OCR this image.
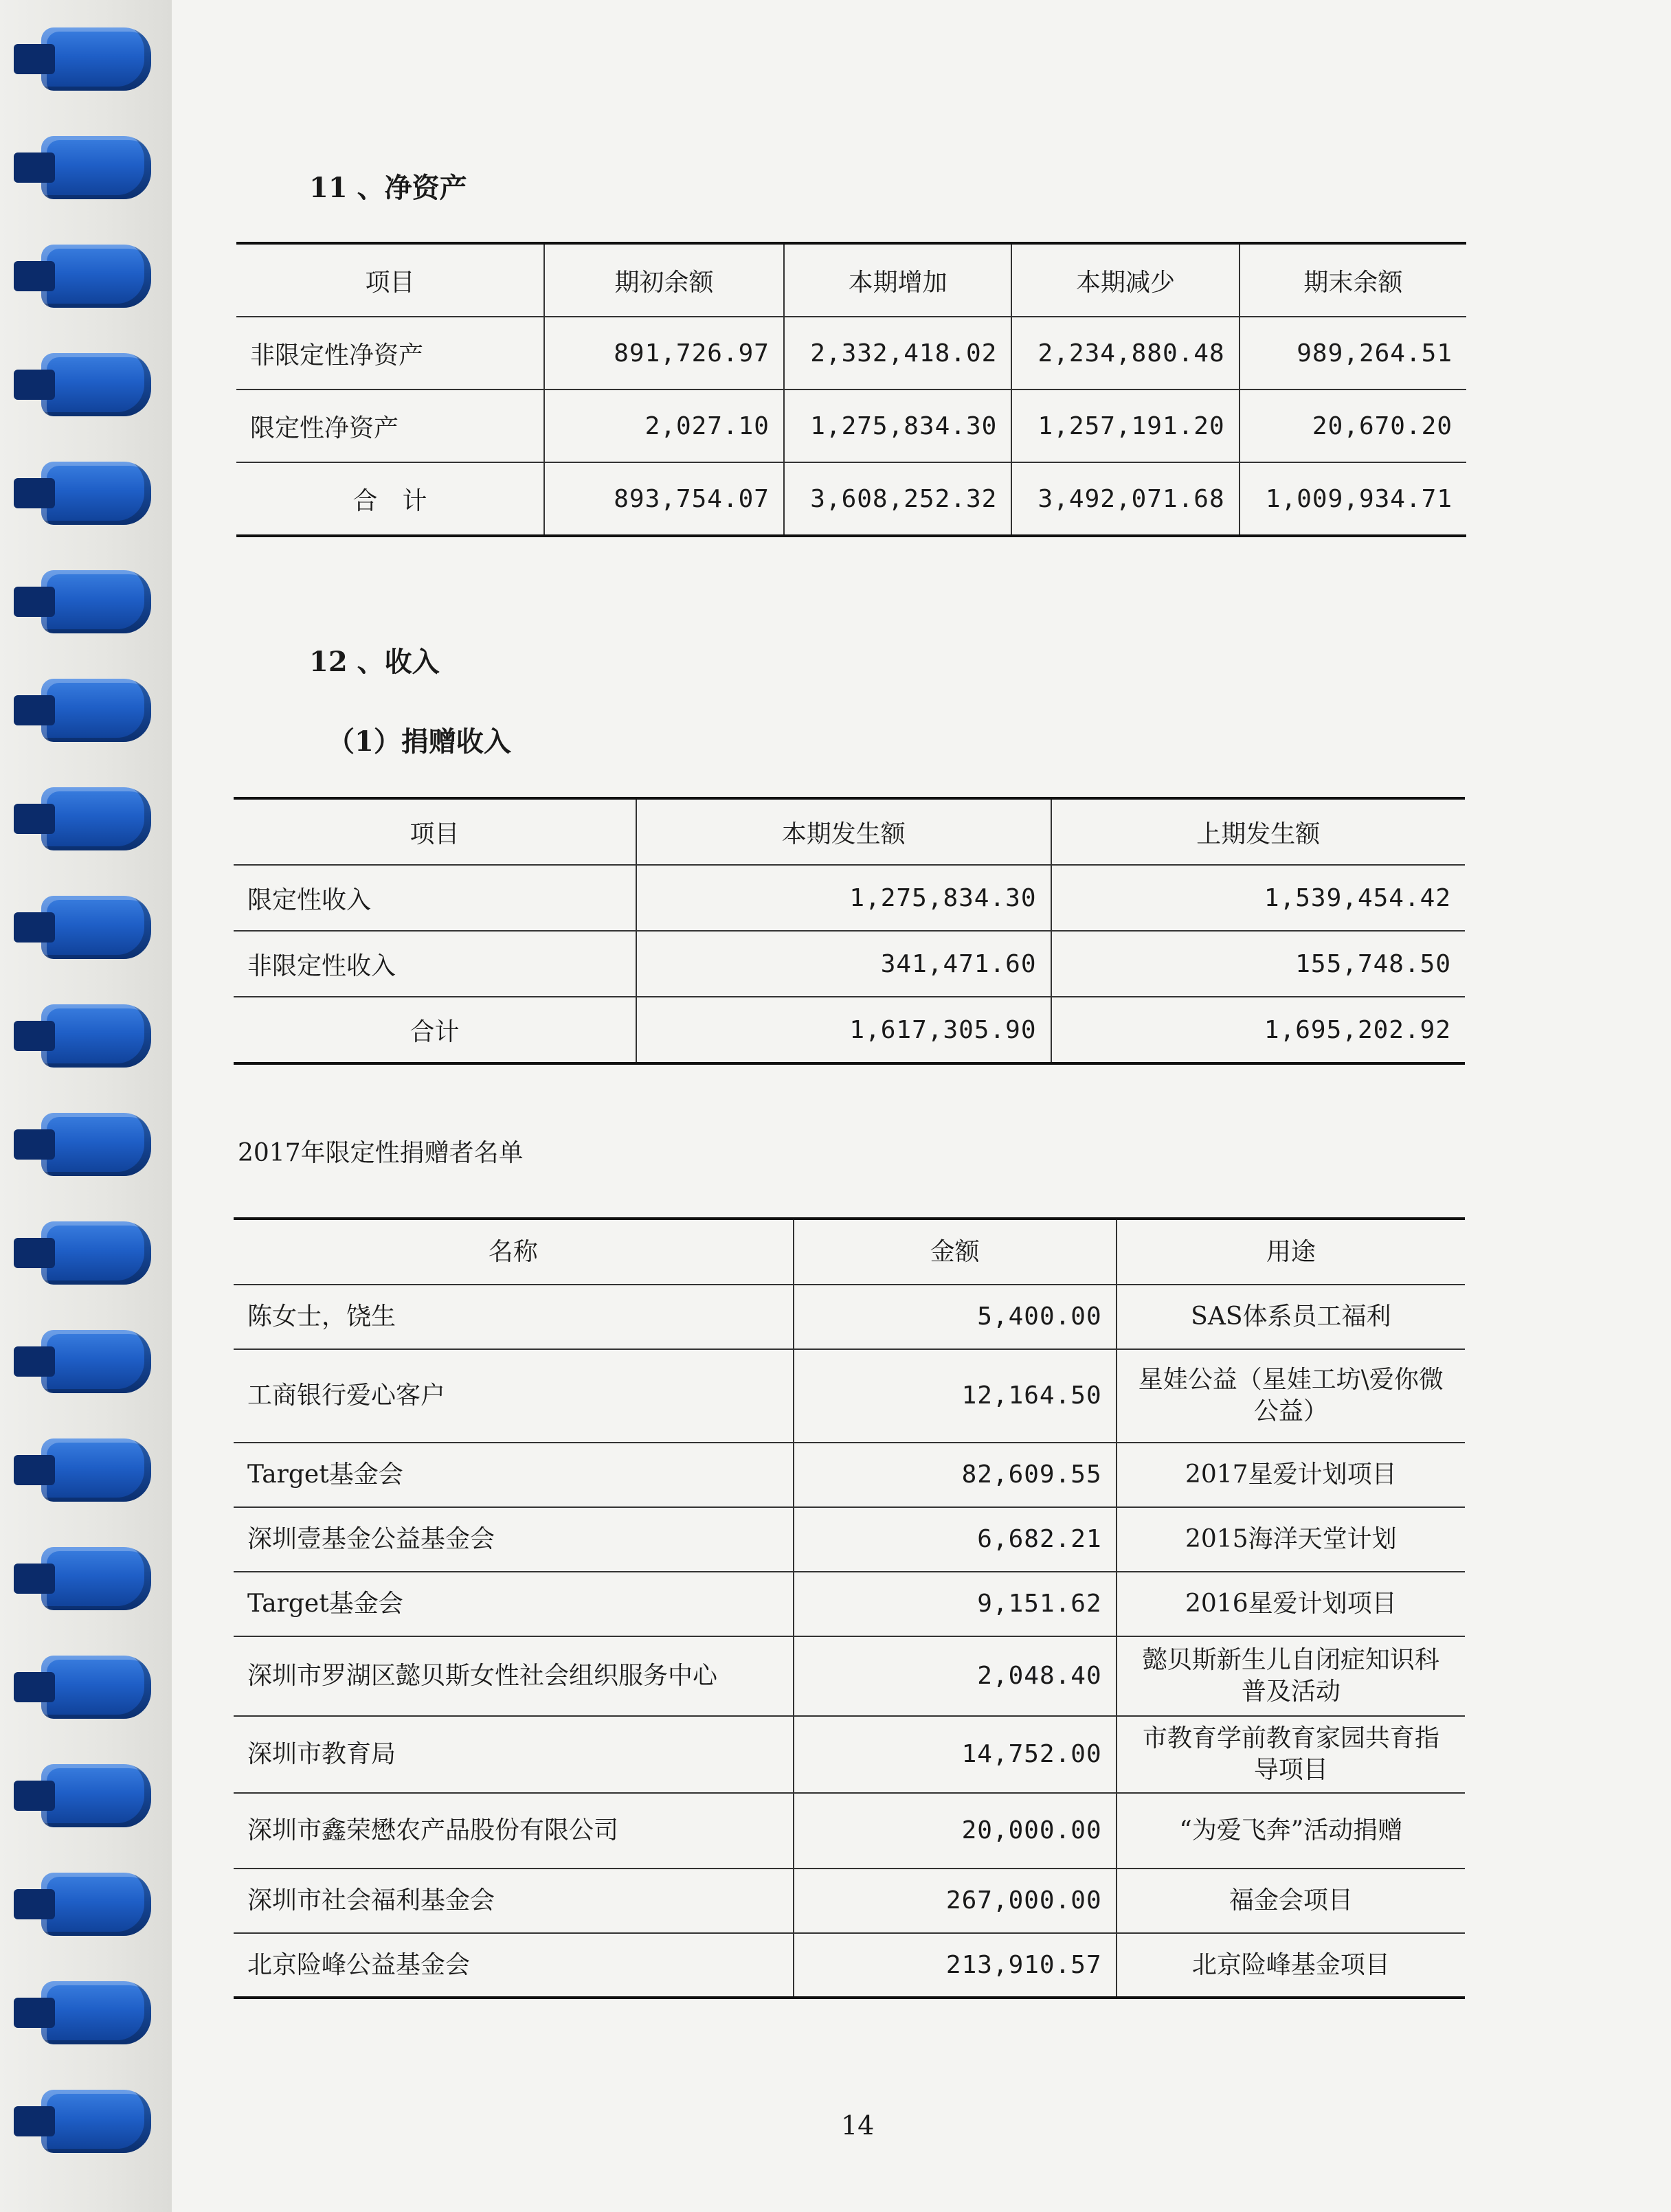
11 、净资产
项目	期初余额	本期增加	本期减少	期末余额
非限定性净资产	891,726.97	2,332,418.02	2,234,880.48	989,264.51
限定性净资产	2,027.10	1,275,834.30	1,257,191.20	20,670.20
合　计	893,754.07	3,608,252.32	3,492,071.68	1,009,934.71
12 、收入
（1）捐赠收入
项目	本期发生额	上期发生额
限定性收入	1,275,834.30	1,539,454.42
非限定性收入	341,471.60	155,748.50
合计	1,617,305.90	1,695,202.92
2017年限定性捐赠者名单
名称	金额	用途
陈女士，饶生	5,400.00	SAS体系员工福利
工商银行爱心客户	12,164.50	星娃公益（星娃工坊\爱你微公益）
Target基金会	82,609.55	2017星爱计划项目
深圳壹基金公益基金会	6,682.21	2015海洋天堂计划
Target基金会	9,151.62	2016星爱计划项目
深圳市罗湖区懿贝斯女性社会组织服务中心	2,048.40	懿贝斯新生儿自闭症知识科普及活动
深圳市教育局	14,752.00	市教育学前教育家园共育指导项目
深圳市鑫荣懋农产品股份有限公司	20,000.00	“为爱飞奔”活动捐赠
深圳市社会福利基金会	267,000.00	福金会项目
北京险峰公益基金会	213,910.57	北京险峰基金项目
14
